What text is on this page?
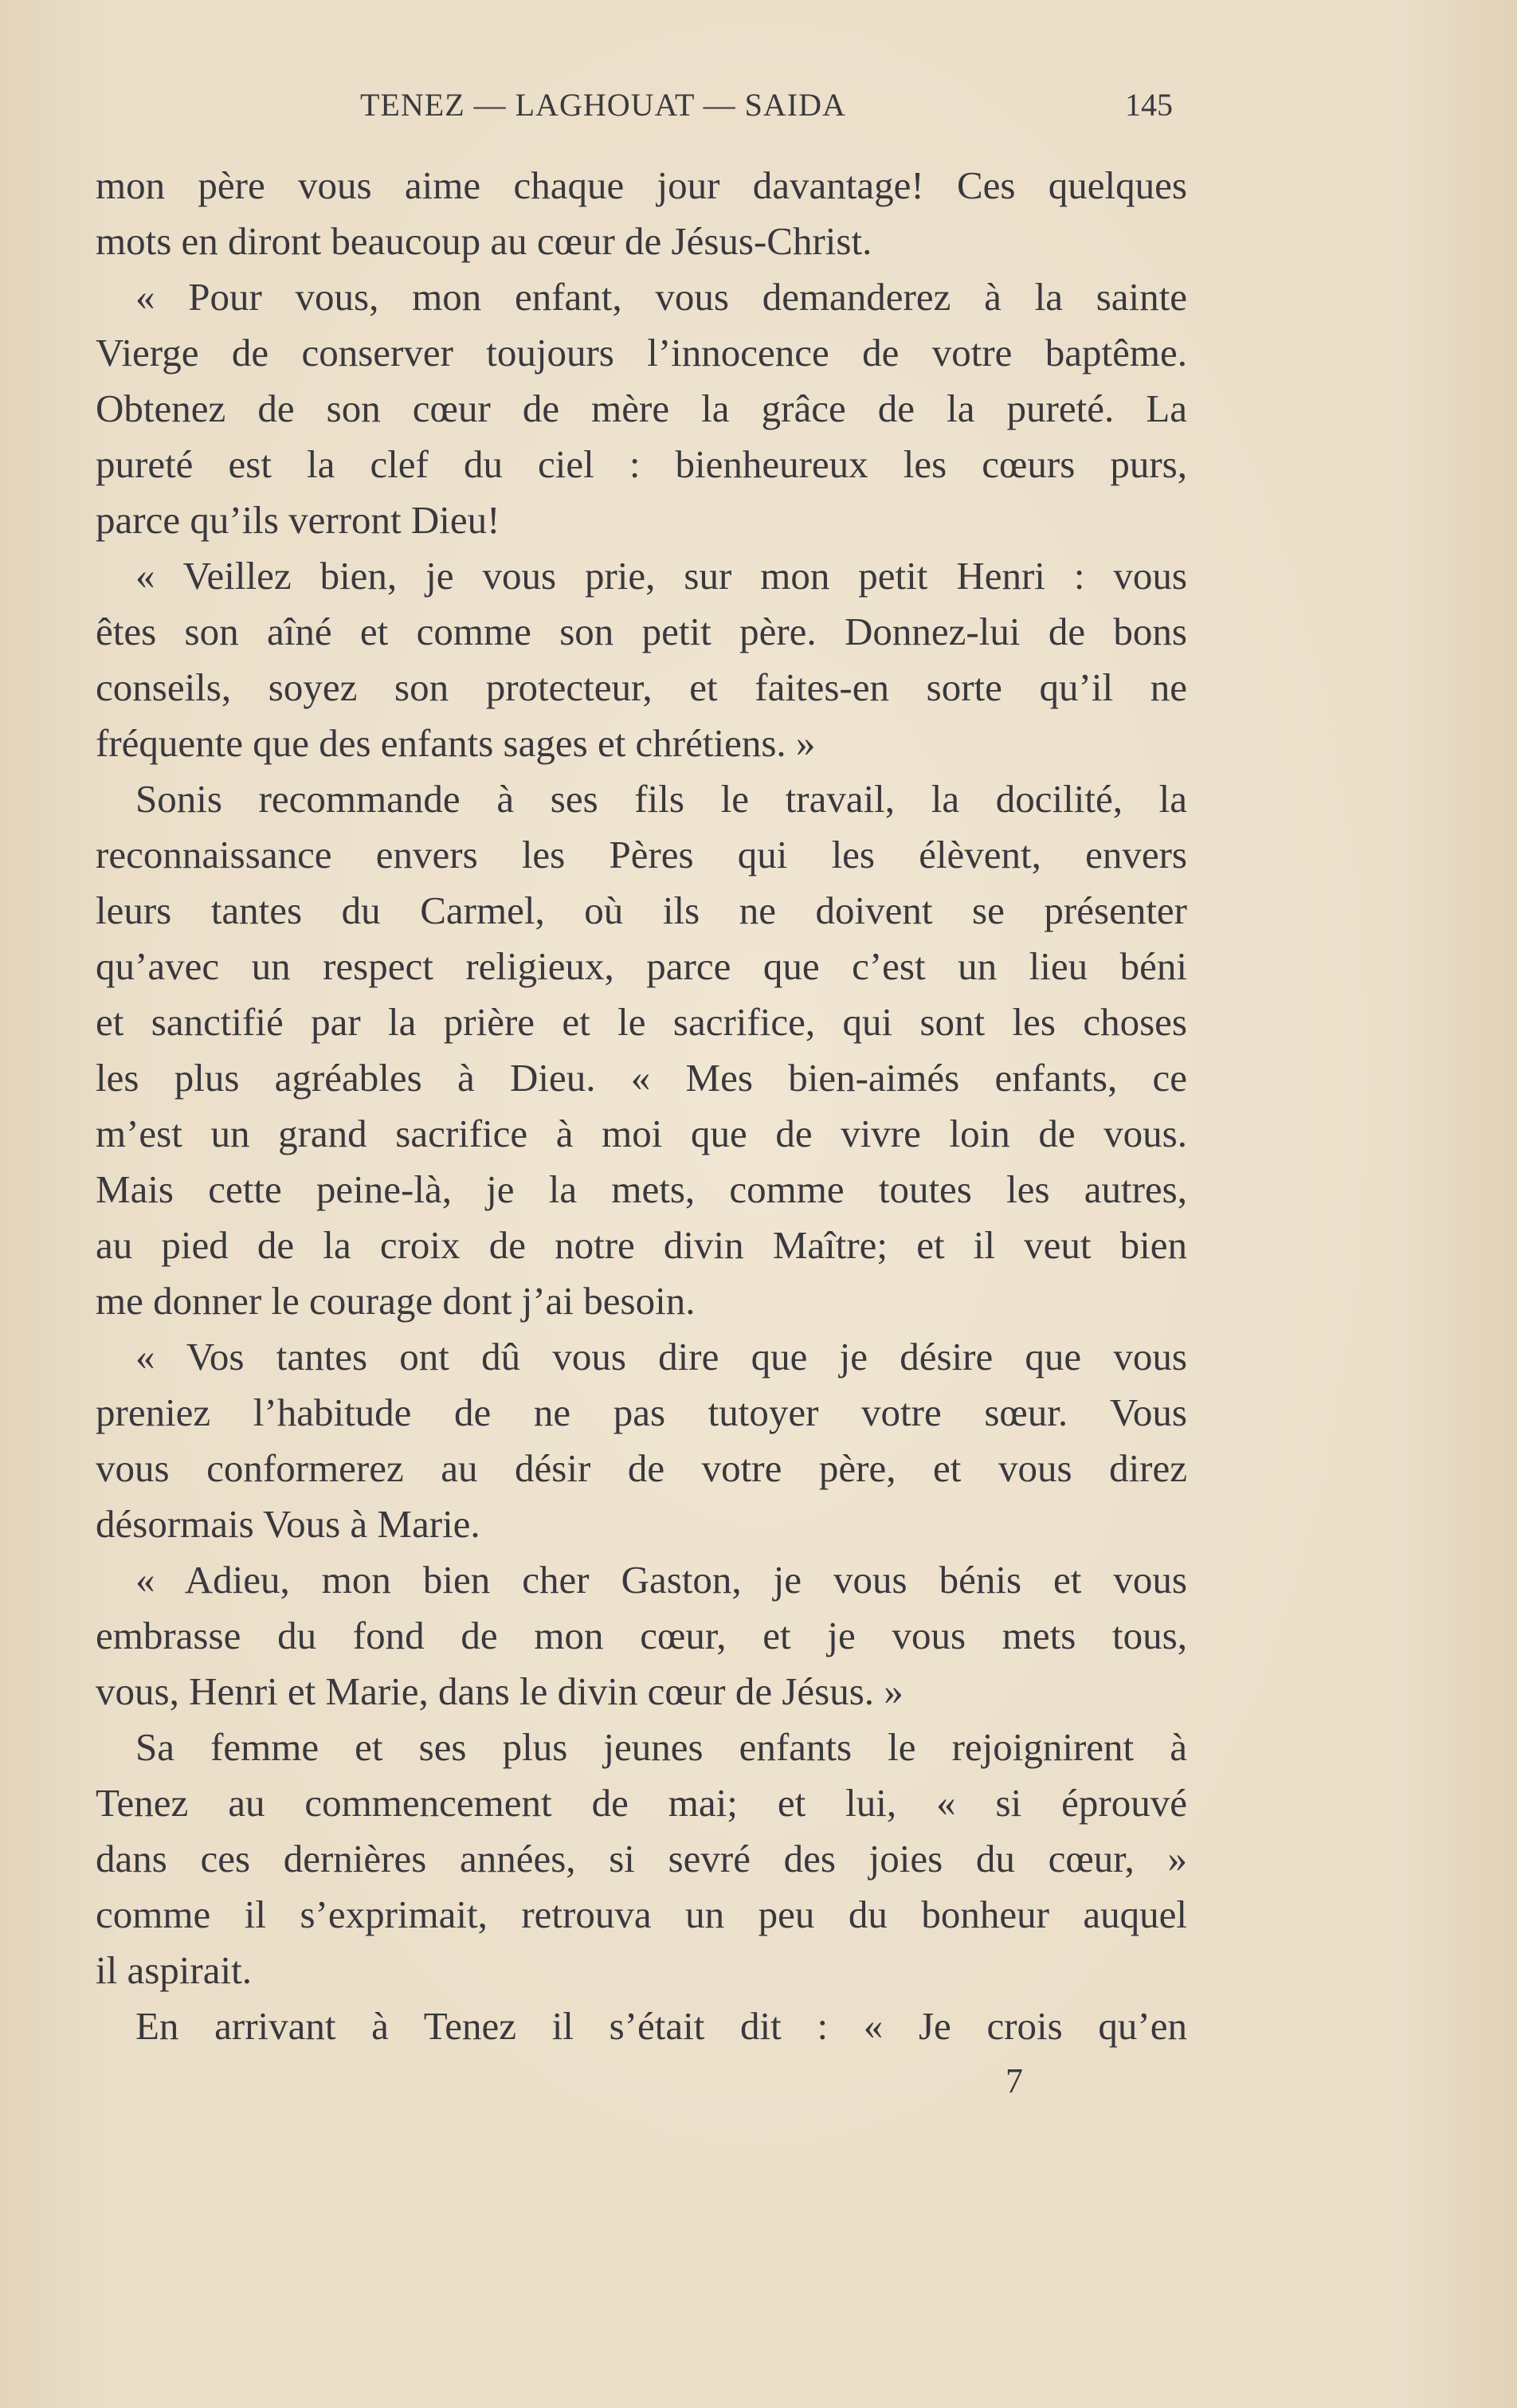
TENEZ — LAGHOUAT — SAIDA	145
mon père vous aime chaque jour davantage! Ces quelques
mots en diront beaucoup au cœur de Jésus-Christ.
« Pour vous, mon enfant, vous demanderez à la sainte
Vierge de conserver toujours l’innocence de votre baptême.
Obtenez de son cœur de mère la grâce de la pureté. La
pureté est la clef du ciel : bienheureux les cœurs purs,
parce qu’ils verront Dieu!
« Veillez bien, je vous prie, sur mon petit Henri : vous
êtes son aîné et comme son petit père. Donnez-lui de bons
conseils, soyez son protecteur, et faites-en sorte qu’il ne
fréquente que des enfants sages et chrétiens. »
Sonis recommande à ses fils le travail, la docilité, la
reconnaissance envers les Pères qui les élèvent, envers
leurs tantes du Carmel, où ils ne doivent se présenter
qu’avec un respect religieux, parce que c’est un lieu béni
et sanctifié par la prière et le sacrifice, qui sont les choses
les plus agréables à Dieu. « Mes bien-aimés enfants, ce
m’est un grand sacrifice à moi que de vivre loin de vous.
Mais cette peine-là, je la mets, comme toutes les autres,
au pied de la croix de notre divin Maître; et il veut bien
me donner le courage dont j’ai besoin.
« Vos tantes ont dû vous dire que je désire que vous
preniez l’habitude de ne pas tutoyer votre sœur. Vous
vous conformerez au désir de votre père, et vous direz
désormais Vous à Marie.
« Adieu, mon bien cher Gaston, je vous bénis et vous
embrasse du fond de mon cœur, et je vous mets tous,
vous, Henri et Marie, dans le divin cœur de Jésus. »
Sa femme et ses plus jeunes enfants le rejoignirent à
Tenez au commencement de mai; et lui, « si éprouvé
dans ces dernières années, si sevré des joies du cœur, »
comme il s’exprimait, retrouva un peu du bonheur auquel
il aspirait.
En arrivant à Tenez il s’était dit : « Je crois qu’en
7
